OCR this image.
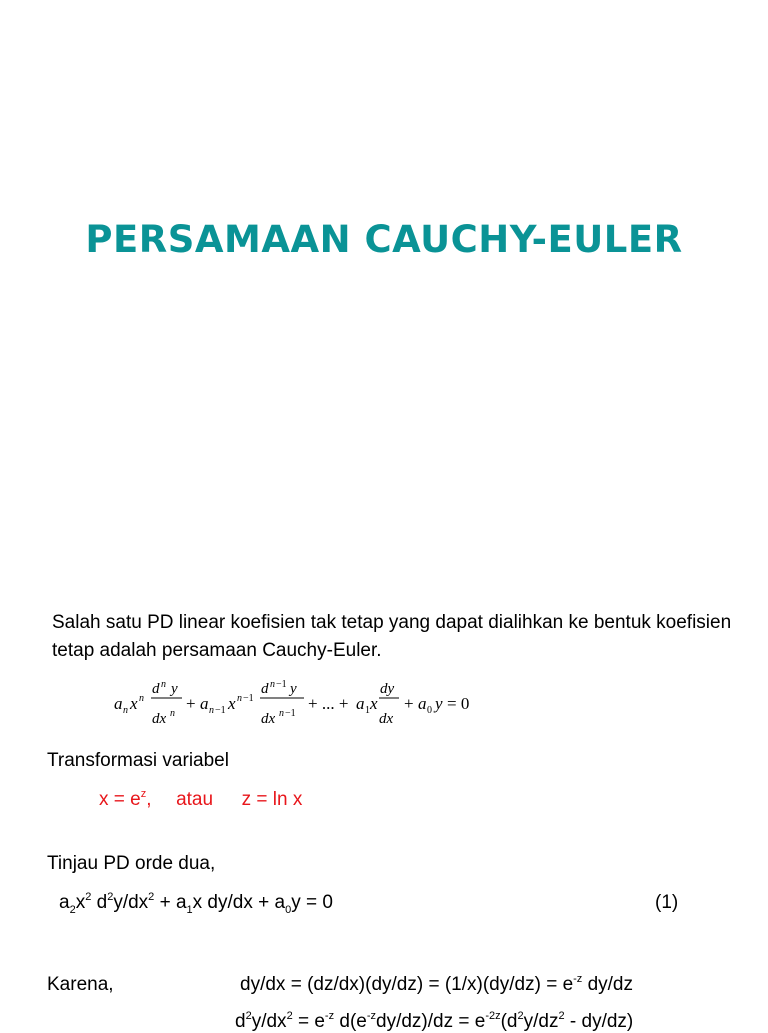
PERSAMAAN CAUCHY-EULER
Salah satu PD linear koefisien tak tetap yang dapat dialihkan ke bentuk koefisien tetap adalah persamaan Cauchy-Euler.
a n x n
d n y
dx n
+ a n −1 x n −1
d n −1 y
dx n −1
+ ... + a 1 x
dy
dx
+ a 0 y = 0
Transformasi variabel
$x = e^z$, atau z = ln x
Tinjau PD orde dua,
$a_2x^2$ $d^2y/dx^2 + a_1x$ $dy/dx + a_0y = 0$	(1)
Karena,	$dy/dx = (dz/dx)(dy/dz) = (1/x)(dy/dz) = e^{-z}$ dy/dz
$d^2y/dx^2 = e^{-z}$ $d(e^{-z}dy/dz)/dz = e^{-2z}(d^2y/dz^2 - dy/dz)$
